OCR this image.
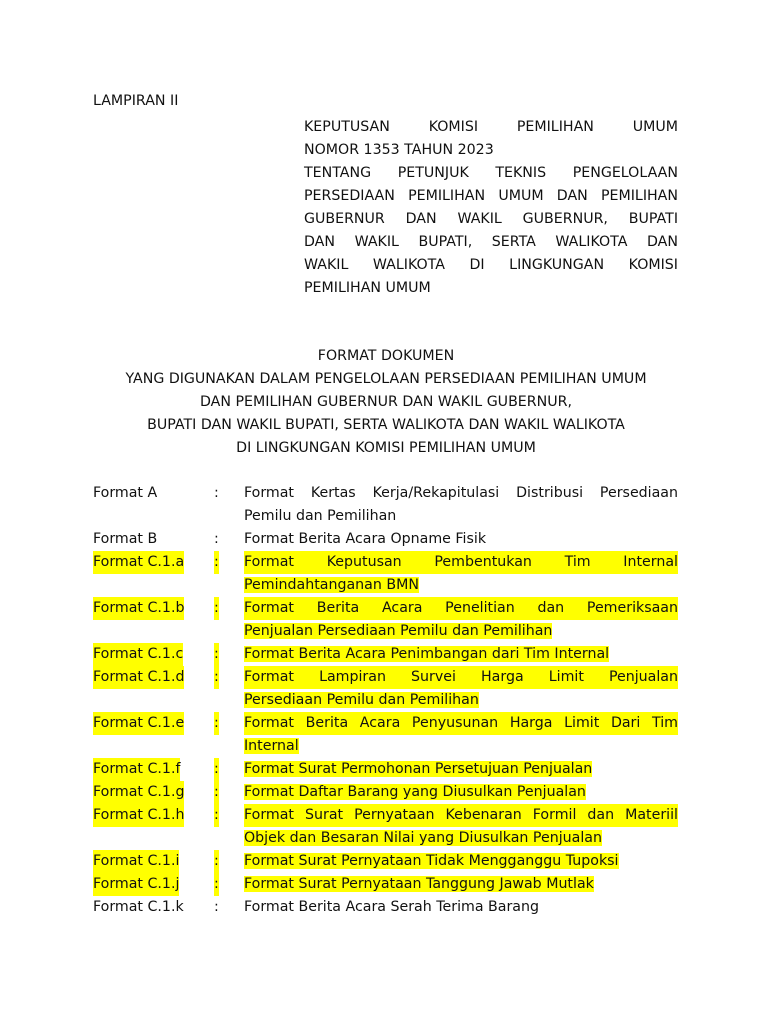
LAMPIRAN II
KEPUTUSAN KOMISI PEMILIHAN UMUM
NOMOR 1353 TAHUN 2023
TENTANG PETUNJUK TEKNIS PENGELOLAAN
PERSEDIAAN PEMILIHAN UMUM DAN PEMILIHAN
GUBERNUR DAN WAKIL GUBERNUR, BUPATI
DAN WAKIL BUPATI, SERTA WALIKOTA DAN
WAKIL WALIKOTA DI LINGKUNGAN KOMISI
PEMILIHAN UMUM
FORMAT DOKUMEN
YANG DIGUNAKAN DALAM PENGELOLAAN PERSEDIAAN PEMILIHAN UMUM
DAN PEMILIHAN GUBERNUR DAN WAKIL GUBERNUR,
BUPATI DAN WAKIL BUPATI, SERTA WALIKOTA DAN WAKIL WALIKOTA
DI LINGKUNGAN KOMISI PEMILIHAN UMUM
Format A	: Format Kertas Kerja/Rekapitulasi Distribusi Persediaan
Pemilu dan Pemilihan
Format B	: Format Berita Acara Opname Fisik
Format C.1.a : Format Keputusan Pembentukan Tim Internal
Pemindahtanganan BMN
Format C.1.b : Format Berita Acara Penelitian dan Pemeriksaan
Penjualan Persediaan Pemilu dan Pemilihan
Format C.1.c : Format Berita Acara Penimbangan dari Tim Internal
Format C.1.d : Format Lampiran Survei Harga Limit Penjualan
Persediaan Pemilu dan Pemilihan
Format C.1.e : Format Berita Acara Penyusunan Harga Limit Dari Tim
Internal
Format C.1.f : Format Surat Permohonan Persetujuan Penjualan
Format C.1.g : Format Daftar Barang yang Diusulkan Penjualan
Format C.1.h : Format Surat Pernyataan Kebenaran Formil dan Materiil
Objek dan Besaran Nilai yang Diusulkan Penjualan
Format C.1.i : Format Surat Pernyataan Tidak Mengganggu Tupoksi
Format C.1.j : Format Surat Pernyataan Tanggung Jawab Mutlak
Format C.1.k : Format Berita Acara Serah Terima Barang
